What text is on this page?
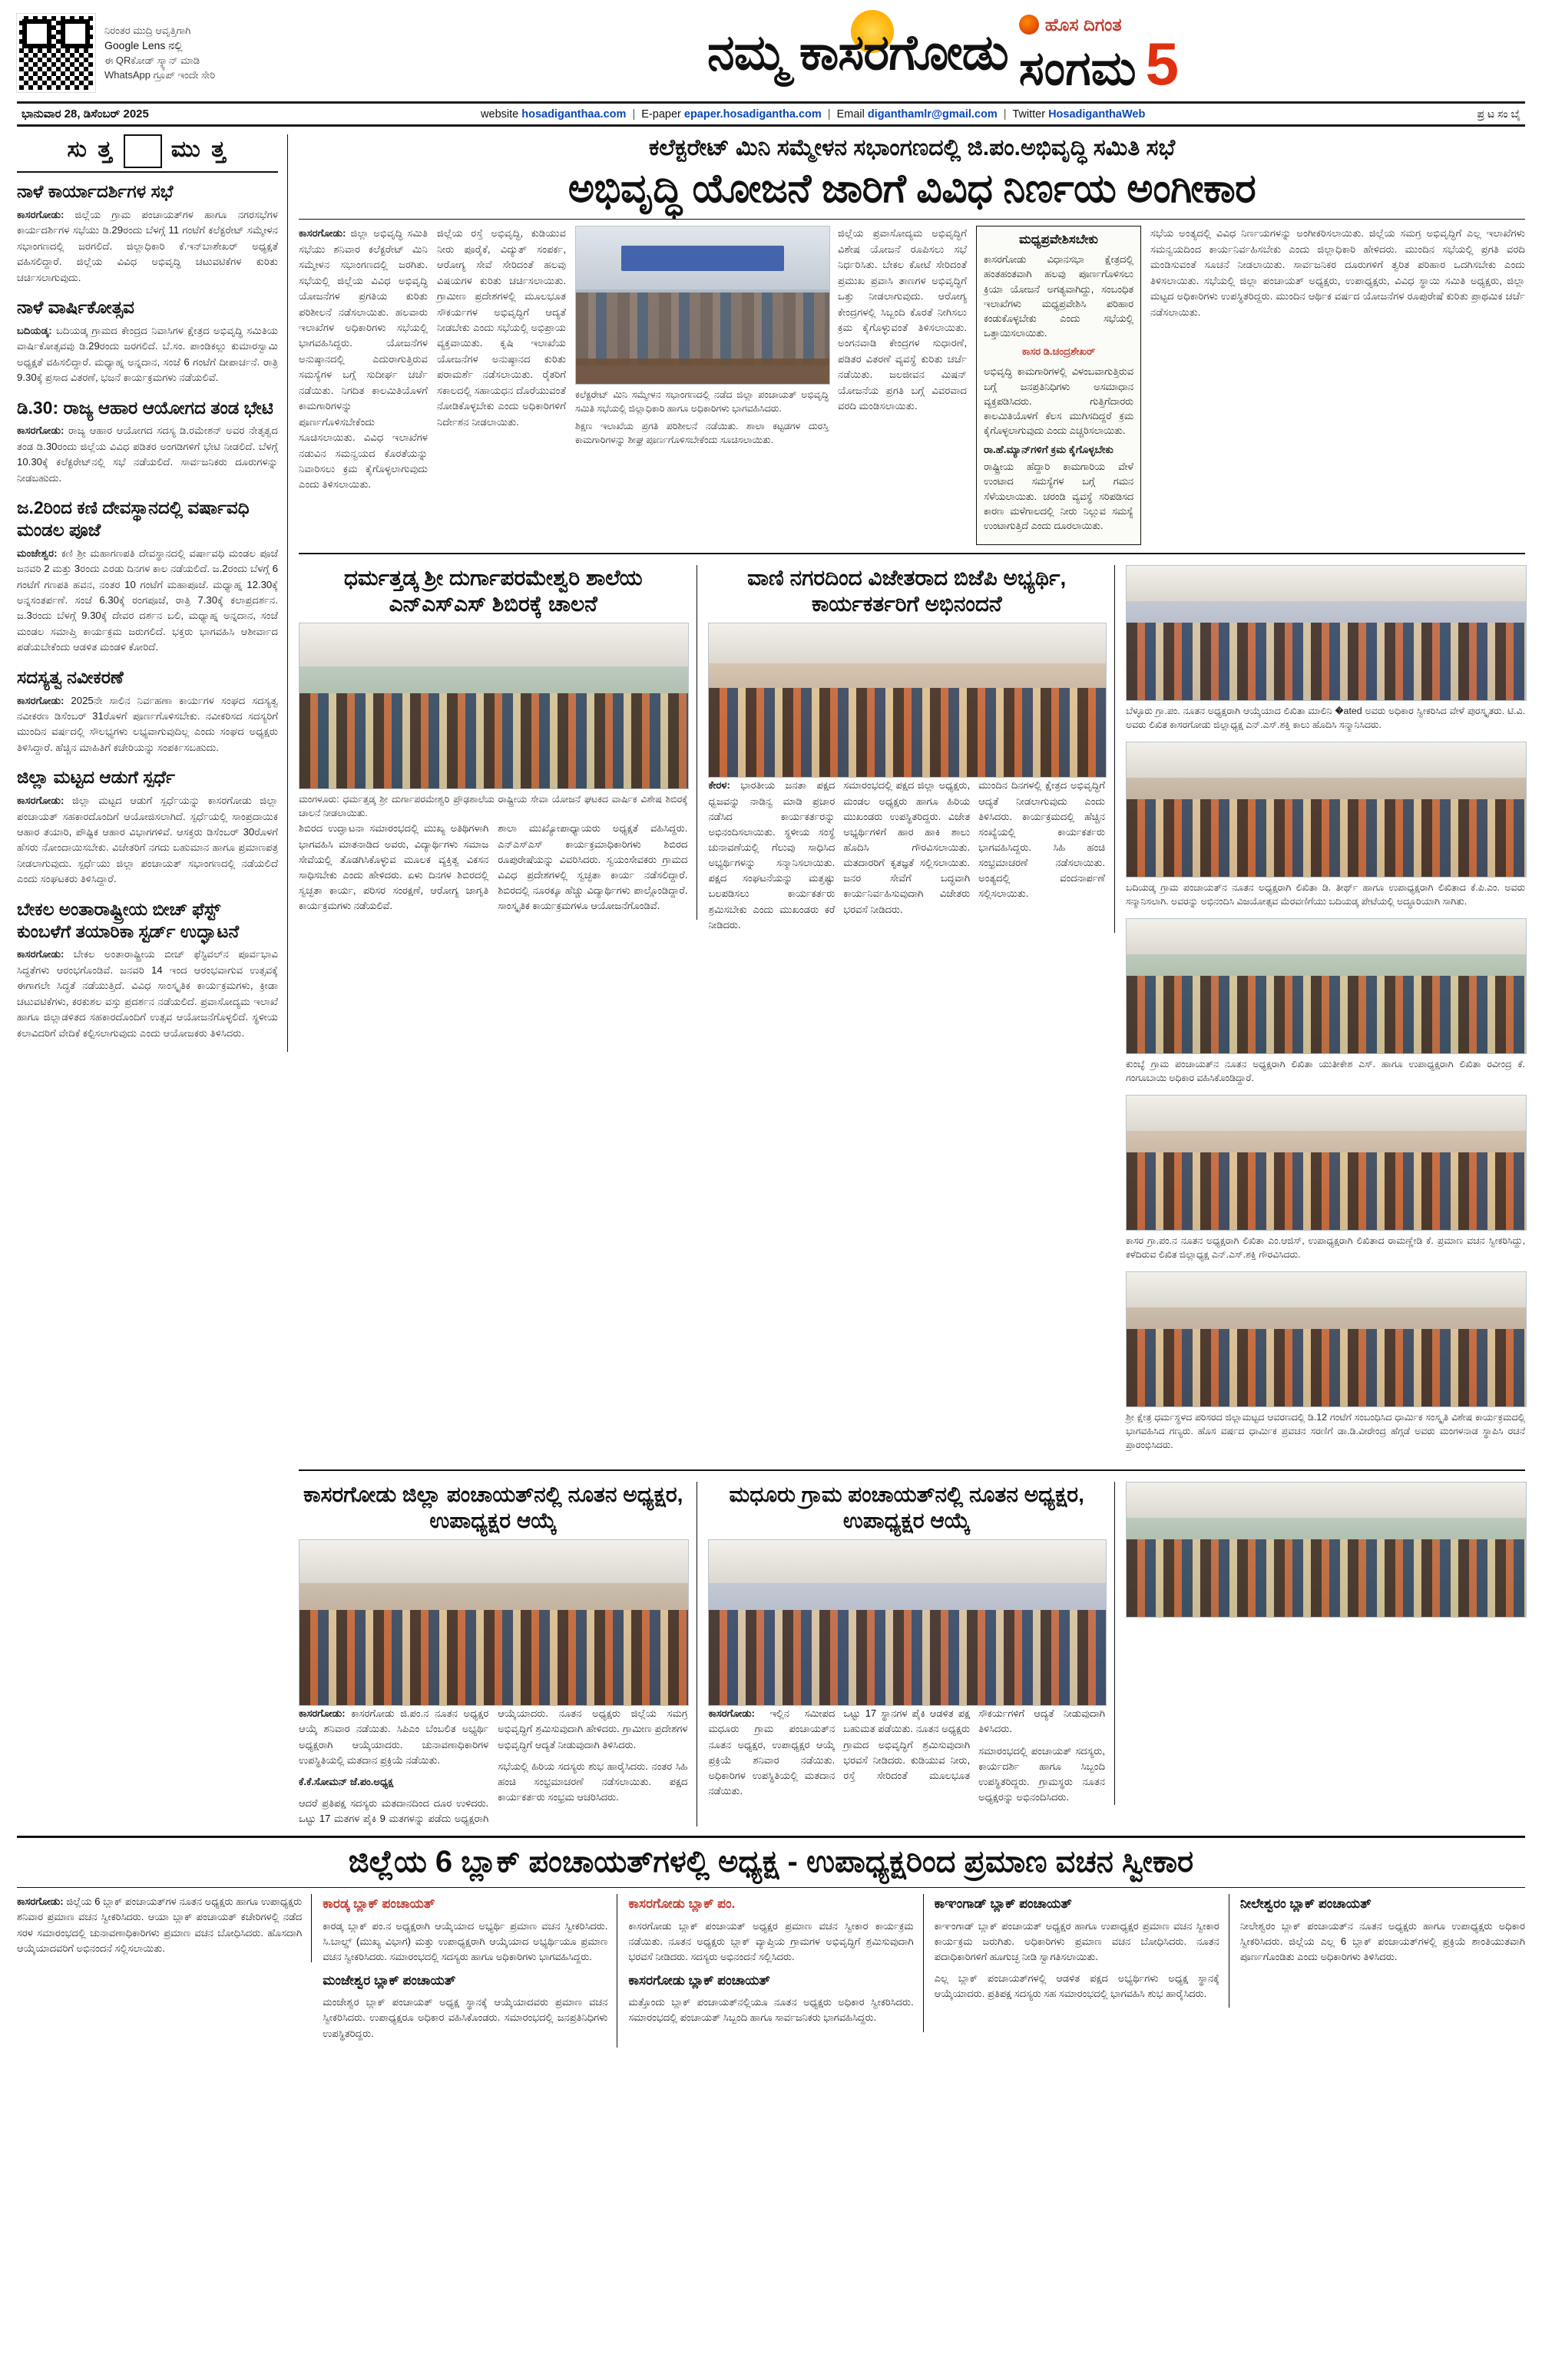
ನಿರಂತರ ಮುದ್ರಿ ಆವೃತ್ತಿಗಾಗಿ
Google Lens ನಲ್ಲಿ
ಈ QRಕೋಡ್ ಸ್ಕ್ಯಾನ್ ಮಾಡಿ
WhatsApp ಗ್ರೂಪ್ ಇಂದೇ ಸೇರಿ	ನಮ್ಮ ಕಾಸರಗೋಡು
ಹೊಸ ದಿಗಂತ
ಸಂಗಮ 5
ಭಾನುವಾರ 28, ಡಿಸೆಂಬರ್ 2025	website hosadiganthaa.com | E-paper epaper.hosadigantha.com | Email diganthamlr@gmail.com | Twitter HosadiganthaWeb	ಪ್ರ ಟ ಸಂ ಬೈ
ಸು ತ್ತ ಮು ತ್ತ
ನಾಳೆ ಕಾರ್ಯಾದರ್ಶಿಗಳ ಸಭೆ

ಕಾಸರಗೋಡು: ಜಿಲ್ಲೆಯ ಗ್ರಾಮ ಪಂಚಾಯತ್‌ಗಳ ಹಾಗೂ ನಗರಸಭೆಗಳ ಕಾರ್ಯದರ್ಶಿಗಳ ಸಭೆಯು ಡಿ.29ರಂದು ಬೆಳಗ್ಗೆ 11 ಗಂಟೆಗೆ ಕಲೆಕ್ಟರೇಟ್ ಸಮ್ಮೇಳನ ಸಭಾಂಗಣದಲ್ಲಿ ಜರಗಲಿದೆ. ಜಿಲ್ಲಾಧಿಕಾರಿ ಕೆ.ಇನ್‌ಬಾಶೇಖರ್ ಅಧ್ಯಕ್ಷತೆ ವಹಿಸಲಿದ್ದಾರೆ. ಜಿಲ್ಲೆಯ ವಿವಿಧ ಅಭಿವೃದ್ಧಿ ಚಟುವಟಿಕೆಗಳ ಕುರಿತು ಚರ್ಚಿಸಲಾಗುವುದು.

ನಾಳೆ ವಾರ್ಷಿಕೋತ್ಸವ

ಬದಿಯಡ್ಕ: ಬದಿಯಡ್ಕ ಗ್ರಾಮದ ಕೇಂದ್ರದ ನಿವಾಸಿಗಳ ಕ್ಷೇತ್ರದ ಅಭಿವೃದ್ಧಿ ಸಮಿತಿಯ ವಾರ್ಷಿಕೋತ್ಸವವು ಡಿ.29ರಂದು ಜರಗಲಿದೆ. ಬೆ.ಸಂ. ಪಾಂಡಿಕಲ್ಲು ಕುಮಾರಸ್ವಾಮಿ ಅಧ್ಯಕ್ಷತೆ ವಹಿಸಲಿದ್ದಾರೆ. ಮಧ್ಯಾಹ್ನ ಅನ್ನದಾನ, ಸಂಜೆ 6 ಗಂಟೆಗೆ ದೀಪಾರ್ಚನೆ. ರಾತ್ರಿ 9.30ಕ್ಕೆ ಪ್ರಸಾದ ವಿತರಣೆ, ಭಜನೆ ಕಾರ್ಯಕ್ರಮಗಳು ನಡೆಯಲಿವೆ.

ಡಿ.30: ರಾಜ್ಯ ಆಹಾರ ಆಯೋಗದ ತಂಡ ಭೇಟಿ

ಕಾಸರಗೋಡು: ರಾಜ್ಯ ಆಹಾರ ಆಯೋಗದ ಸದಸ್ಯ ಡಿ.ರಮೇಶನ್ ಅವರ ನೇತೃತ್ವದ ತಂಡ ಡಿ.30ರಂದು ಜಿಲ್ಲೆಯ ವಿವಿಧ ಪಡಿತರ ಅಂಗಡಿಗಳಿಗೆ ಭೇಟಿ ನೀಡಲಿದೆ. ಬೆಳಗ್ಗೆ 10.30ಕ್ಕೆ ಕಲೆಕ್ಟರೇಟ್‌ನಲ್ಲಿ ಸಭೆ ನಡೆಯಲಿದೆ. ಸಾರ್ವಜನಿಕರು ದೂರುಗಳನ್ನು ನೀಡಬಹುದು.

ಜ.2ರಿಂದ ಕಣಿ ದೇವಸ್ಥಾನದಲ್ಲಿ ವರ್ಷಾವಧಿ ಮಂಡಲ ಪೂಜೆ

ಮಂಜೇಶ್ವರ: ಕಣಿ ಶ್ರೀ ಮಹಾಗಣಪತಿ ದೇವಸ್ಥಾನದಲ್ಲಿ ವರ್ಷಾವಧಿ ಮಂಡಲ ಪೂಜೆ ಜನವರಿ 2 ಮತ್ತು 3ರಂದು ಎರಡು ದಿನಗಳ ಕಾಲ ನಡೆಯಲಿದೆ. ಜ.2ರಂದು ಬೆಳಗ್ಗೆ 6 ಗಂಟೆಗೆ ಗಣಪತಿ ಹವನ, ನಂತರ 10 ಗಂಟೆಗೆ ಮಹಾಪೂಜೆ. ಮಧ್ಯಾಹ್ನ 12.30ಕ್ಕೆ ಅನ್ನಸಂತರ್ಪಣೆ. ಸಂಜೆ 6.30ಕ್ಕೆ ರಂಗಪೂಜೆ, ರಾತ್ರಿ 7.30ಕ್ಕೆ ಕಲಾಪ್ರದರ್ಶನ. ಜ.3ರಂದು ಬೆಳಗ್ಗೆ 9.30ಕ್ಕೆ ದೇವರ ದರ್ಶನ ಬಲಿ, ಮಧ್ಯಾಹ್ನ ಅನ್ನದಾನ, ಸಂಜೆ ಮಂಡಲ ಸಮಾಪ್ತಿ ಕಾರ್ಯಕ್ರಮ ಜರುಗಲಿದೆ. ಭಕ್ತರು ಭಾಗವಹಿಸಿ ಆಶೀರ್ವಾದ ಪಡೆಯಬೇಕೆಂದು ಆಡಳಿತ ಮಂಡಳಿ ಕೋರಿದೆ.

ಸದಸ್ಯತ್ವ ನವೀಕರಣೆ

ಕಾಸರಗೋಡು: 2025ನೇ ಸಾಲಿನ ನಿರ್ವಹಣಾ ಕಾರ್ಯಗಳ ಸಂಘದ ಸದಸ್ಯತ್ವ ನವೀಕರಣ ಡಿಸೆಂಬರ್ 31ರೊಳಗೆ ಪೂರ್ಣಗೊಳಿಸಬೇಕು. ನವೀಕರಿಸದ ಸದಸ್ಯರಿಗೆ ಮುಂದಿನ ವರ್ಷದಲ್ಲಿ ಸೌಲಭ್ಯಗಳು ಲಭ್ಯವಾಗುವುದಿಲ್ಲ ಎಂದು ಸಂಘದ ಅಧ್ಯಕ್ಷರು ತಿಳಿಸಿದ್ದಾರೆ. ಹೆಚ್ಚಿನ ಮಾಹಿತಿಗೆ ಕಚೇರಿಯನ್ನು ಸಂಪರ್ಕಿಸಬಹುದು.

ಜಿಲ್ಲಾ ಮಟ್ಟದ ಆಡುಗೆ ಸ್ಪರ್ಧೆ

ಕಾಸರಗೋಡು: ಜಿಲ್ಲಾ ಮಟ್ಟದ ಆಡುಗೆ ಸ್ಪರ್ಧೆಯನ್ನು ಕಾಸರಗೋಡು ಜಿಲ್ಲಾ ಪಂಚಾಯತ್ ಸಹಕಾರದೊಂದಿಗೆ ಆಯೋಜಿಸಲಾಗಿದೆ. ಸ್ಪರ್ಧೆಯಲ್ಲಿ ಸಾಂಪ್ರದಾಯಿಕ ಆಹಾರ ತಯಾರಿ, ಪೌಷ್ಟಿಕ ಆಹಾರ ವಿಭಾಗಗಳಿವೆ. ಆಸಕ್ತರು ಡಿಸೆಂಬರ್ 30ರೊಳಗೆ ಹೆಸರು ನೋಂದಾಯಿಸಬೇಕು. ವಿಜೇತರಿಗೆ ನಗದು ಬಹುಮಾನ ಹಾಗೂ ಪ್ರಮಾಣಪತ್ರ ನೀಡಲಾಗುವುದು. ಸ್ಪರ್ಧೆಯು ಜಿಲ್ಲಾ ಪಂಚಾಯತ್ ಸಭಾಂಗಣದಲ್ಲಿ ನಡೆಯಲಿದೆ ಎಂದು ಸಂಘಟಕರು ತಿಳಿಸಿದ್ದಾರೆ.

ಬೇಕಲ ಅಂತಾರಾಷ್ಟ್ರೀಯ ಬೀಚ್ ಫೆಸ್ಟ್ ಕುಂಬಳೆಗೆ ತಯಾರಿಕಾ ಸ್ಟರ್ಡ್ ಉದ್ಘಾಟನೆ

ಕಾಸರಗೋಡು: ಬೇಕಲ ಅಂತಾರಾಷ್ಟ್ರೀಯ ಬೀಚ್ ಫೆಸ್ಟಿವಲ್‌ನ ಪೂರ್ವಭಾವಿ ಸಿದ್ಧತೆಗಳು ಆರಂಭಗೊಂಡಿವೆ. ಜನವರಿ 14 ಇಂದ ಆರಂಭವಾಗುವ ಉತ್ಸವಕ್ಕೆ ಈಗಾಗಲೇ ಸಿದ್ಧತೆ ನಡೆಯುತ್ತಿದೆ. ವಿವಿಧ ಸಾಂಸ್ಕೃತಿಕ ಕಾರ್ಯಕ್ರಮಗಳು, ಕ್ರೀಡಾ ಚಟುವಟಿಕೆಗಳು, ಕರಕುಶಲ ವಸ್ತು ಪ್ರದರ್ಶನ ನಡೆಯಲಿದೆ. ಪ್ರವಾಸೋದ್ಯಮ ಇಲಾಖೆ ಹಾಗೂ ಜಿಲ್ಲಾಡಳಿತದ ಸಹಕಾರದೊಂದಿಗೆ ಉತ್ಸವ ಆಯೋಜನೆಗೊಳ್ಳಲಿದೆ. ಸ್ಥಳೀಯ ಕಲಾವಿದರಿಗೆ ವೇದಿಕೆ ಕಲ್ಪಿಸಲಾಗುವುದು ಎಂದು ಆಯೋಜಕರು ತಿಳಿಸಿದರು.

ಕಲೆಕ್ಟರೇಟ್ ಮಿನಿ ಸಮ್ಮೇಳನ ಸಭಾಂಗಣದಲ್ಲಿ ಜಿ.ಪಂ.ಅಭಿವೃದ್ಧಿ ಸಮಿತಿ ಸಭೆ
ಅಭಿವೃದ್ಧಿ ಯೋಜನೆ ಜಾರಿಗೆ ವಿವಿಧ ನಿರ್ಣಯ ಅಂಗೀಕಾರ

ಕಾಸರಗೋಡು: ಜಿಲ್ಲಾ ಅಭಿವೃದ್ಧಿ ಸಮಿತಿ ಸಭೆಯು ಶನಿವಾರ ಕಲೆಕ್ಟರೇಟ್ ಮಿನಿ ಸಮ್ಮೇಳನ ಸಭಾಂಗಣದಲ್ಲಿ ಜರಗಿತು. ಸಭೆಯಲ್ಲಿ ಜಿಲ್ಲೆಯ ವಿವಿಧ ಅಭಿವೃದ್ಧಿ ಯೋಜನೆಗಳ ಪ್ರಗತಿಯ ಕುರಿತು ಪರಿಶೀಲನೆ ನಡೆಸಲಾಯಿತು. ಹಲವಾರು ಇಲಾಖೆಗಳ ಅಧಿಕಾರಿಗಳು ಸಭೆಯಲ್ಲಿ ಭಾಗವಹಿಸಿದ್ದರು. ಯೋಜನೆಗಳ ಅನುಷ್ಠಾನದಲ್ಲಿ ಎದುರಾಗುತ್ತಿರುವ ಸಮಸ್ಯೆಗಳ ಬಗ್ಗೆ ಸುದೀರ್ಘ ಚರ್ಚೆ ನಡೆಯಿತು. ನಿಗದಿತ ಕಾಲಮಿತಿಯೊಳಗೆ ಕಾಮಗಾರಿಗಳನ್ನು ಪೂರ್ಣಗೊಳಿಸಬೇಕೆಂದು ಸೂಚಿಸಲಾಯಿತು. ವಿವಿಧ ಇಲಾಖೆಗಳ ನಡುವಿನ ಸಮನ್ವಯದ ಕೊರತೆಯನ್ನು ನಿವಾರಿಸಲು ಕ್ರಮ ಕೈಗೊಳ್ಳಲಾಗುವುದು ಎಂದು ತಿಳಿಸಲಾಯಿತು.

ಜಿಲ್ಲೆಯ ರಸ್ತೆ ಅಭಿವೃದ್ಧಿ, ಕುಡಿಯುವ ನೀರು ಪೂರೈಕೆ, ವಿದ್ಯುತ್ ಸಂಪರ್ಕ, ಆರೋಗ್ಯ ಸೇವೆ ಸೇರಿದಂತೆ ಹಲವು ವಿಷಯಗಳ ಕುರಿತು ಚರ್ಚಿಸಲಾಯಿತು. ಗ್ರಾಮೀಣ ಪ್ರದೇಶಗಳಲ್ಲಿ ಮೂಲಭೂತ ಸೌಕರ್ಯಗಳ ಅಭಿವೃದ್ಧಿಗೆ ಆದ್ಯತೆ ನೀಡಬೇಕು ಎಂದು ಸಭೆಯಲ್ಲಿ ಅಭಿಪ್ರಾಯ ವ್ಯಕ್ತವಾಯಿತು. ಕೃಷಿ ಇಲಾಖೆಯ ಯೋಜನೆಗಳ ಅನುಷ್ಠಾನದ ಕುರಿತು ಪರಾಮರ್ಶೆ ನಡೆಸಲಾಯಿತು. ರೈತರಿಗೆ ಸಕಾಲದಲ್ಲಿ ಸಹಾಯಧನ ದೊರೆಯುವಂತೆ ನೋಡಿಕೊಳ್ಳಬೇಕು ಎಂದು ಅಧಿಕಾರಿಗಳಿಗೆ ನಿರ್ದೇಶನ ನೀಡಲಾಯಿತು.

ಕಲೆಕ್ಟರೇಟ್ ಮಿನಿ ಸಮ್ಮೇಳನ ಸಭಾಂಗಣದಲ್ಲಿ ನಡೆದ ಜಿಲ್ಲಾ ಪಂಚಾಯತ್ ಅಭಿವೃದ್ಧಿ ಸಮಿತಿ ಸಭೆಯಲ್ಲಿ ಜಿಲ್ಲಾಧಿಕಾರಿ ಹಾಗೂ ಅಧಿಕಾರಿಗಳು ಭಾಗವಹಿಸಿದರು.
ಶಿಕ್ಷಣ ಇಲಾಖೆಯ ಪ್ರಗತಿ ಪರಿಶೀಲನೆ ನಡೆಯಿತು. ಶಾಲಾ ಕಟ್ಟಡಗಳ ದುರಸ್ತಿ ಕಾಮಗಾರಿಗಳನ್ನು ಶೀಘ್ರ ಪೂರ್ಣಗೊಳಿಸಬೇಕೆಂದು ಸೂಚಿಸಲಾಯಿತು.

ಜಿಲ್ಲೆಯ ಪ್ರವಾಸೋದ್ಯಮ ಅಭಿವೃದ್ಧಿಗೆ ವಿಶೇಷ ಯೋಜನೆ ರೂಪಿಸಲು ಸಭೆ ನಿರ್ಧರಿಸಿತು. ಬೇಕಲ ಕೋಟೆ ಸೇರಿದಂತೆ ಪ್ರಮುಖ ಪ್ರವಾಸಿ ತಾಣಗಳ ಅಭಿವೃದ್ಧಿಗೆ ಒತ್ತು ನೀಡಲಾಗುವುದು. ಆರೋಗ್ಯ ಕೇಂದ್ರಗಳಲ್ಲಿ ಸಿಬ್ಬಂದಿ ಕೊರತೆ ನೀಗಿಸಲು ಕ್ರಮ ಕೈಗೊಳ್ಳುವಂತೆ ತಿಳಿಸಲಾಯಿತು. ಅಂಗನವಾಡಿ ಕೇಂದ್ರಗಳ ಸುಧಾರಣೆ, ಪಡಿತರ ವಿತರಣೆ ವ್ಯವಸ್ಥೆ ಕುರಿತು ಚರ್ಚೆ ನಡೆಯಿತು. ಜಲಜೀವನ ಮಿಷನ್ ಯೋಜನೆಯ ಪ್ರಗತಿ ಬಗ್ಗೆ ವಿವರವಾದ ವರದಿ ಮಂಡಿಸಲಾಯಿತು.

ಮಧ್ಯಪ್ರವೇಶಿಸಬೇಕು

ಕಾಸರಗೋಡು ವಿಧಾನಸಭಾ ಕ್ಷೇತ್ರದಲ್ಲಿ ಹಂತಹಂತವಾಗಿ ಹಲವು ಪೂರ್ಣಗೊಳಿಸಲು ಕ್ರಿಯಾ ಯೋಜನೆ ಅಗತ್ಯವಾಗಿದ್ದು, ಸಂಬಂಧಿತ ಇಲಾಖೆಗಳು ಮಧ್ಯಪ್ರವೇಶಿಸಿ ಪರಿಹಾರ ಕಂಡುಕೊಳ್ಳಬೇಕು ಎಂದು ಸಭೆಯಲ್ಲಿ ಒತ್ತಾಯಿಸಲಾಯಿತು.

ಕಾಸರ ಡಿ.ಚಂದ್ರಶೇಖರ್

ಅಭಿವೃದ್ಧಿ ಕಾಮಗಾರಿಗಳಲ್ಲಿ ವಿಳಂಬವಾಗುತ್ತಿರುವ ಬಗ್ಗೆ ಜನಪ್ರತಿನಿಧಿಗಳು ಅಸಮಾಧಾನ ವ್ಯಕ್ತಪಡಿಸಿದರು. ಗುತ್ತಿಗೆದಾರರು ಕಾಲಮಿತಿಯೊಳಗೆ ಕೆಲಸ ಮುಗಿಸದಿದ್ದರೆ ಕ್ರಮ ಕೈಗೊಳ್ಳಲಾಗುವುದು ಎಂದು ಎಚ್ಚರಿಸಲಾಯಿತು.

ರಾ.ಹೆ.ಮ್ಯಾನ್‌ಗಳಿಗೆ ಕ್ರಮ ಕೈಗೊಳ್ಳಬೇಕು

ರಾಷ್ಟ್ರೀಯ ಹೆದ್ದಾರಿ ಕಾಮಗಾರಿಯ ವೇಳೆ ಉಂಟಾದ ಸಮಸ್ಯೆಗಳ ಬಗ್ಗೆ ಗಮನ ಸೆಳೆಯಲಾಯಿತು. ಚರಂಡಿ ವ್ಯವಸ್ಥೆ ಸರಿಪಡಿಸದ ಕಾರಣ ಮಳೆಗಾಲದಲ್ಲಿ ನೀರು ನಿಲ್ಲುವ ಸಮಸ್ಯೆ ಉಂಟಾಗುತ್ತಿದೆ ಎಂದು ದೂರಲಾಯಿತು.

ಸಭೆಯ ಅಂತ್ಯದಲ್ಲಿ ವಿವಿಧ ನಿರ್ಣಯಗಳನ್ನು ಅಂಗೀಕರಿಸಲಾಯಿತು. ಜಿಲ್ಲೆಯ ಸಮಗ್ರ ಅಭಿವೃದ್ಧಿಗೆ ಎಲ್ಲ ಇಲಾಖೆಗಳು ಸಮನ್ವಯದಿಂದ ಕಾರ್ಯನಿರ್ವಹಿಸಬೇಕು ಎಂದು ಜಿಲ್ಲಾಧಿಕಾರಿ ಹೇಳಿದರು. ಮುಂದಿನ ಸಭೆಯಲ್ಲಿ ಪ್ರಗತಿ ವರದಿ ಮಂಡಿಸುವಂತೆ ಸೂಚನೆ ನೀಡಲಾಯಿತು. ಸಾರ್ವಜನಿಕರ ದೂರುಗಳಿಗೆ ತ್ವರಿತ ಪರಿಹಾರ ಒದಗಿಸಬೇಕು ಎಂದು ತಿಳಿಸಲಾಯಿತು. ಸಭೆಯಲ್ಲಿ ಜಿಲ್ಲಾ ಪಂಚಾಯತ್ ಅಧ್ಯಕ್ಷರು, ಉಪಾಧ್ಯಕ್ಷರು, ವಿವಿಧ ಸ್ಥಾಯಿ ಸಮಿತಿ ಅಧ್ಯಕ್ಷರು, ಜಿಲ್ಲಾ ಮಟ್ಟದ ಅಧಿಕಾರಿಗಳು ಉಪಸ್ಥಿತರಿದ್ದರು. ಮುಂದಿನ ಆರ್ಥಿಕ ವರ್ಷದ ಯೋಜನೆಗಳ ರೂಪುರೇಷೆ ಕುರಿತು ಪ್ರಾಥಮಿಕ ಚರ್ಚೆ ನಡೆಸಲಾಯಿತು.

ಧರ್ಮತ್ತಡ್ಕ ಶ್ರೀ ದುರ್ಗಾಪರಮೇಶ್ವರಿ ಶಾಲೆಯ ಎನ್‌ಎಸ್‌ಎಸ್ ಶಿಬಿರಕ್ಕೆ ಚಾಲನೆ
ಮಂಗಳೂರು: ಧರ್ಮತ್ತಡ್ಕ ಶ್ರೀ ದುರ್ಗಾಪರಮೇಶ್ವರಿ ಪ್ರೌಢಶಾಲೆಯ ರಾಷ್ಟ್ರೀಯ ಸೇವಾ ಯೋಜನೆ ಘಟಕದ ವಾರ್ಷಿಕ ವಿಶೇಷ ಶಿಬಿರಕ್ಕೆ ಚಾಲನೆ ನೀಡಲಾಯಿತು.

ಶಿಬಿರದ ಉದ್ಘಾಟನಾ ಸಮಾರಂಭದಲ್ಲಿ ಮುಖ್ಯ ಅತಿಥಿಗಳಾಗಿ ಭಾಗವಹಿಸಿ ಮಾತನಾಡಿದ ಅವರು, ವಿದ್ಯಾರ್ಥಿಗಳು ಸಮಾಜ ಸೇವೆಯಲ್ಲಿ ತೊಡಗಿಸಿಕೊಳ್ಳುವ ಮೂಲಕ ವ್ಯಕ್ತಿತ್ವ ವಿಕಸನ ಸಾಧಿಸಬೇಕು ಎಂದು ಹೇಳಿದರು. ಏಳು ದಿನಗಳ ಶಿಬಿರದಲ್ಲಿ ಸ್ವಚ್ಛತಾ ಕಾರ್ಯ, ಪರಿಸರ ಸಂರಕ್ಷಣೆ, ಆರೋಗ್ಯ ಜಾಗೃತಿ ಕಾರ್ಯಕ್ರಮಗಳು ನಡೆಯಲಿವೆ.

ಶಾಲಾ ಮುಖ್ಯೋಪಾಧ್ಯಾಯರು ಅಧ್ಯಕ್ಷತೆ ವಹಿಸಿದ್ದರು. ಎನ್‌ಎಸ್‌ಎಸ್ ಕಾರ್ಯಕ್ರಮಾಧಿಕಾರಿಗಳು ಶಿಬಿರದ ರೂಪುರೇಷೆಯನ್ನು ವಿವರಿಸಿದರು. ಸ್ವಯಂಸೇವಕರು ಗ್ರಾಮದ ವಿವಿಧ ಪ್ರದೇಶಗಳಲ್ಲಿ ಸ್ವಚ್ಛತಾ ಕಾರ್ಯ ನಡೆಸಲಿದ್ದಾರೆ. ಶಿಬಿರದಲ್ಲಿ ನೂರಕ್ಕೂ ಹೆಚ್ಚು ವಿದ್ಯಾರ್ಥಿಗಳು ಪಾಲ್ಗೊಂಡಿದ್ದಾರೆ. ಸಾಂಸ್ಕೃತಿಕ ಕಾರ್ಯಕ್ರಮಗಳೂ ಆಯೋಜನೆಗೊಂಡಿವೆ.

ವಾಣಿ ನಗರದಿಂದ ವಿಜೇತರಾದ ಬಿಜೆಪಿ ಅಭ್ಯರ್ಥಿ, ಕಾರ್ಯಕರ್ತರಿಗೆ ಅಭಿನಂದನೆ

ಕೇರಳ: ಭಾರತೀಯ ಜನತಾ ಪಕ್ಷದ ಧ್ವಜವನ್ನು ನಾಡಿನ್ವ ಮಾಡಿ ಪ್ರಚಾರ ನಡೆಸಿದ ಕಾರ್ಯಕರ್ತರನ್ನು ಅಭಿನಂದಿಸಲಾಯಿತು. ಸ್ಥಳೀಯ ಸಂಸ್ಥೆ ಚುನಾವಣೆಯಲ್ಲಿ ಗೆಲುವು ಸಾಧಿಸಿದ ಅಭ್ಯರ್ಥಿಗಳನ್ನು ಸನ್ಮಾನಿಸಲಾಯಿತು. ಪಕ್ಷದ ಸಂಘಟನೆಯನ್ನು ಮತ್ತಷ್ಟು ಬಲಪಡಿಸಲು ಕಾರ್ಯಕರ್ತರು ಶ್ರಮಿಸಬೇಕು ಎಂದು ಮುಖಂಡರು ಕರೆ ನೀಡಿದರು.

ಸಮಾರಂಭದಲ್ಲಿ ಪಕ್ಷದ ಜಿಲ್ಲಾ ಅಧ್ಯಕ್ಷರು, ಮಂಡಲ ಅಧ್ಯಕ್ಷರು ಹಾಗೂ ಹಿರಿಯ ಮುಖಂಡರು ಉಪಸ್ಥಿತರಿದ್ದರು. ವಿಜೇತ ಅಭ್ಯರ್ಥಿಗಳಿಗೆ ಹಾರ ಹಾಕಿ ಶಾಲು ಹೊದಿಸಿ ಗೌರವಿಸಲಾಯಿತು. ಮತದಾರರಿಗೆ ಕೃತಜ್ಞತೆ ಸಲ್ಲಿಸಲಾಯಿತು. ಜನರ ಸೇವೆಗೆ ಬದ್ಧವಾಗಿ ಕಾರ್ಯನಿರ್ವಹಿಸುವುದಾಗಿ ವಿಜೇತರು ಭರವಸೆ ನೀಡಿದರು.

ಮುಂದಿನ ದಿನಗಳಲ್ಲಿ ಕ್ಷೇತ್ರದ ಅಭಿವೃದ್ಧಿಗೆ ಆದ್ಯತೆ ನೀಡಲಾಗುವುದು ಎಂದು ತಿಳಿಸಿದರು. ಕಾರ್ಯಕ್ರಮದಲ್ಲಿ ಹೆಚ್ಚಿನ ಸಂಖ್ಯೆಯಲ್ಲಿ ಕಾರ್ಯಕರ್ತರು ಭಾಗವಹಿಸಿದ್ದರು. ಸಿಹಿ ಹಂಚಿ ಸಂಭ್ರಮಾಚರಣೆ ನಡೆಸಲಾಯಿತು. ಅಂತ್ಯದಲ್ಲಿ ವಂದನಾರ್ಪಣೆ ಸಲ್ಲಿಸಲಾಯಿತು.

ಬೆಳ್ಳೂರು ಗ್ರಾ.ಪಂ. ನೂತನ ಅಧ್ಯಕ್ಷರಾಗಿ ಆಯ್ಕೆಯಾದ ಲಿಖಿತಾ ಮಾಲಿನಿ �ated ಅವರು ಅಧಿಕಾರ ಸ್ವೀಕರಿಸಿದ ವೇಳೆ ಪುರಸ್ಕೃತರು. ಟಿ.ವಿ. ಅವರು ಲಿಖಿತ ಕಾಸರಗೋಡು ಜಿಲ್ಲಾಧ್ಯಕ್ಷ ಎನ್.ಎಸ್.ಶಕ್ತಿ ಕಾಲು ಹೊದಿಸಿ ಸನ್ಮಾನಿಸಿದರು.
ಬದಿಯಡ್ಕ ಗ್ರಾಮ ಪಂಚಾಯತ್‌ನ ನೂತನ ಅಧ್ಯಕ್ಷರಾಗಿ ಲಿಖಿತಾ ಡಿ. ತೀರ್ಥ್ ಹಾಗೂ ಉಪಾಧ್ಯಕ್ಷರಾಗಿ ಲಿಖಿತಾದ ಕೆ.ಪಿ.ಎಂ. ಅವರು ಸನ್ಮಾನಿಸಲಾಗಿ. ಅವರನ್ನು ಅಭಿನಂದಿಸಿ ವಿಜಯೋತ್ಸವ ಮೆರವಣಿಗೆಯು ಬದಿಯಡ್ಕ ಪೇಟೆಯಲ್ಲಿ ಅದ್ಧೂರಿಯಾಗಿ ಸಾಗಿತು.
ಕುಂಬ್ಳೆ ಗ್ರಾಮ ಪಂಚಾಯತ್‌ನ ನೂತನ ಅಧ್ಯಕ್ಷರಾಗಿ ಲಿಖಿತಾ ಯುತೀಕೇಶ ಎಸ್. ಹಾಗೂ ಉಪಾಧ್ಯಕ್ಷರಾಗಿ ಲಿಖಿತಾ ರವೀಂದ್ರ ಕೆ. ಗಂಗೂಬಾಯಿ ಅಧಿಕಾರ ವಹಿಸಿಕೊಂಡಿದ್ದಾರೆ.
ಕಾಸರ ಗ್ರಾ.ಪಂ.ನ ನೂತನ ಅಧ್ಯಕ್ಷರಾಗಿ ಲಿಖಿತಾ ಎಂ.ಆಜಿಸ್, ಉಪಾಧ್ಯಕ್ಷರಾಗಿ ಲಿಖಿತಾದ ರಾಮಣ್ಣೇಡಿ ಕೆ. ಪ್ರಮಾಣ ವಚನ ಸ್ವೀಕರಿಸಿದ್ದು, ಕಳೆದಿರುವ ಲಿಖಿತ ಜಿಲ್ಲಾಧ್ಯಕ್ಷ ಎನ್.ಎಸ್.ಶಕ್ತಿ ಗೌರವಿಸಿದರು.
ಶ್ರೀ ಕ್ಷೇತ್ರ ಧರ್ಮಸ್ಥಳದ ಪರಿಸರದ ಜಿಲ್ಲಾಮಟ್ಟದ ಆವರಣದಲ್ಲಿ ಡಿ.12 ಗಂಟೆಗೆ ಸಂಬಂಧಿಸಿದ ಧಾರ್ಮಿಕ ಸಂಸ್ಕೃತಿ ವಿಶೇಷ ಕಾರ್ಯಕ್ರಮದಲ್ಲಿ ಭಾಗವಹಿಸಿದ ಗಣ್ಯರು. ಹೊಸ ವರ್ಷದ ಧಾರ್ಮಿಕ ಪ್ರವಚನ ಸರಣಿಗೆ ಡಾ.ಡಿ.ವೀರೇಂದ್ರ ಹೆಗ್ಗಡೆ ಅವರು ಮಂಗಳನಾಡ ಸ್ಥಾಪಿಸಿ ರಚನೆ ಪ್ರಾರಂಭಿಸಿದರು.
ಕಾಸರಗೋಡು ಜಿಲ್ಲಾ ಪಂಚಾಯತ್‌ನಲ್ಲಿ ನೂತನ ಅಧ್ಯಕ್ಷರ, ಉಪಾಧ್ಯಕ್ಷರ ಆಯ್ಕೆ

ಕಾಸರಗೋಡು: ಕಾಸರಗೋಡು ಜಿ.ಪಂ.ನ ನೂತನ ಅಧ್ಯಕ್ಷರ ಆಯ್ಕೆ ಶನಿವಾರ ನಡೆಯಿತು. ಸಿಪಿಎಂ ಬೆಂಬಲಿತ ಅಭ್ಯರ್ಥಿ ಅಧ್ಯಕ್ಷರಾಗಿ ಆಯ್ಕೆಯಾದರು. ಚುನಾವಣಾಧಿಕಾರಿಗಳ ಉಪಸ್ಥಿತಿಯಲ್ಲಿ ಮತದಾನ ಪ್ರಕ್ರಿಯೆ ನಡೆಯಿತು.

ಕೆ.ಕೆ.ಸೋಮನ್ ಜೆ.ಪಂ.ಅಧ್ಯಕ್ಷ

ಆದರೆ ಪ್ರತಿಪಕ್ಷ ಸದಸ್ಯರು ಮತದಾನದಿಂದ ದೂರ ಉಳಿದರು. ಒಟ್ಟು 17 ಮತಗಳ ಪೈಕಿ 9 ಮತಗಳನ್ನು ಪಡೆದು ಅಧ್ಯಕ್ಷರಾಗಿ ಆಯ್ಕೆಯಾದರು. ನೂತನ ಅಧ್ಯಕ್ಷರು ಜಿಲ್ಲೆಯ ಸಮಗ್ರ ಅಭಿವೃದ್ಧಿಗೆ ಶ್ರಮಿಸುವುದಾಗಿ ಹೇಳಿದರು. ಗ್ರಾಮೀಣ ಪ್ರದೇಶಗಳ ಅಭಿವೃದ್ಧಿಗೆ ಆದ್ಯತೆ ನೀಡುವುದಾಗಿ ತಿಳಿಸಿದರು.

ಸಭೆಯಲ್ಲಿ ಹಿರಿಯ ಸದಸ್ಯರು ಶುಭ ಹಾರೈಸಿದರು. ನಂತರ ಸಿಹಿ ಹಂಚಿ ಸಂಭ್ರಮಾಚರಣೆ ನಡೆಸಲಾಯಿತು. ಪಕ್ಷದ ಕಾರ್ಯಕರ್ತರು ಸಂಭ್ರಮ ಆಚರಿಸಿದರು.

ಮಧೂರು ಗ್ರಾಮ ಪಂಚಾಯತ್‌ನಲ್ಲಿ ನೂತನ ಅಧ್ಯಕ್ಷರ, ಉಪಾಧ್ಯಕ್ಷರ ಆಯ್ಕೆ

ಕಾಸರಗೋಡು: ಇಲ್ಲಿನ ಸಮೀಪದ ಮಧೂರು ಗ್ರಾಮ ಪಂಚಾಯತ್‌ನ ನೂತನ ಅಧ್ಯಕ್ಷರ, ಉಪಾಧ್ಯಕ್ಷರ ಆಯ್ಕೆ ಪ್ರಕ್ರಿಯೆ ಶನಿವಾರ ನಡೆಯಿತು. ಅಧಿಕಾರಿಗಳ ಉಪಸ್ಥಿತಿಯಲ್ಲಿ ಮತದಾನ ನಡೆಯಿತು.

ಒಟ್ಟು 17 ಸ್ಥಾನಗಳ ಪೈಕಿ ಆಡಳಿತ ಪಕ್ಷ ಬಹುಮತ ಪಡೆಯಿತು. ನೂತನ ಅಧ್ಯಕ್ಷರು ಗ್ರಾಮದ ಅಭಿವೃದ್ಧಿಗೆ ಶ್ರಮಿಸುವುದಾಗಿ ಭರವಸೆ ನೀಡಿದರು. ಕುಡಿಯುವ ನೀರು, ರಸ್ತೆ ಸೇರಿದಂತೆ ಮೂಲಭೂತ ಸೌಕರ್ಯಗಳಿಗೆ ಆದ್ಯತೆ ನೀಡುವುದಾಗಿ ತಿಳಿಸಿದರು.

ಸಮಾರಂಭದಲ್ಲಿ ಪಂಚಾಯತ್ ಸದಸ್ಯರು, ಕಾರ್ಯದರ್ಶಿ ಹಾಗೂ ಸಿಬ್ಬಂದಿ ಉಪಸ್ಥಿತರಿದ್ದರು. ಗ್ರಾಮಸ್ಥರು ನೂತನ ಅಧ್ಯಕ್ಷರನ್ನು ಅಭಿನಂದಿಸಿದರು.

ಜಿಲ್ಲೆಯ 6 ಬ್ಲಾಕ್ ಪಂಚಾಯತ್‌ಗಳಲ್ಲಿ ಅಧ್ಯಕ್ಷ - ಉಪಾಧ್ಯಕ್ಷರಿಂದ ಪ್ರಮಾಣ ವಚನ ಸ್ವೀಕಾರ

ಕಾಸರಗೋಡು: ಜಿಲ್ಲೆಯ 6 ಬ್ಲಾಕ್ ಪಂಚಾಯತ್‌ಗಳ ನೂತನ ಅಧ್ಯಕ್ಷರು ಹಾಗೂ ಉಪಾಧ್ಯಕ್ಷರು ಶನಿವಾರ ಪ್ರಮಾಣ ವಚನ ಸ್ವೀಕರಿಸಿದರು. ಆಯಾ ಬ್ಲಾಕ್ ಪಂಚಾಯತ್ ಕಚೇರಿಗಳಲ್ಲಿ ನಡೆದ ಸರಳ ಸಮಾರಂಭದಲ್ಲಿ ಚುನಾವಣಾಧಿಕಾರಿಗಳು ಪ್ರಮಾಣ ವಚನ ಬೋಧಿಸಿದರು. ಹೊಸದಾಗಿ ಆಯ್ಕೆಯಾದವರಿಗೆ ಅಭಿನಂದನೆ ಸಲ್ಲಿಸಲಾಯಿತು.

ಕಾರಡ್ಕ ಬ್ಲಾಕ್ ಪಂಚಾಯತ್

ಕಾರಡ್ಕ ಬ್ಲಾಕ್ ಪಂ.ನ ಅಧ್ಯಕ್ಷರಾಗಿ ಆಯ್ಕೆಯಾದ ಅಭ್ಯರ್ಥಿ ಪ್ರಮಾಣ ವಚನ ಸ್ವೀಕರಿಸಿದರು. ಸಿ.ಬಾಲ್ಡ್ (ಮುಖ್ಯ ವಿಭಾಗ) ಮತ್ತು ಉಪಾಧ್ಯಕ್ಷರಾಗಿ ಆಯ್ಕೆಯಾದ ಅಭ್ಯರ್ಥಿಯೂ ಪ್ರಮಾಣ ವಚನ ಸ್ವೀಕರಿಸಿದರು. ಸಮಾರಂಭದಲ್ಲಿ ಸದಸ್ಯರು ಹಾಗೂ ಅಧಿಕಾರಿಗಳು ಭಾಗವಹಿಸಿದ್ದರು.

ಮಂಜೇಶ್ವರ ಬ್ಲಾಕ್ ಪಂಚಾಯತ್

ಮಂಜೇಶ್ವರ ಬ್ಲಾಕ್ ಪಂಚಾಯತ್ ಅಧ್ಯಕ್ಷ ಸ್ಥಾನಕ್ಕೆ ಆಯ್ಕೆಯಾದವರು ಪ್ರಮಾಣ ವಚನ ಸ್ವೀಕರಿಸಿದರು. ಉಪಾಧ್ಯಕ್ಷರೂ ಅಧಿಕಾರ ವಹಿಸಿಕೊಂಡರು. ಸಮಾರಂಭದಲ್ಲಿ ಜನಪ್ರತಿನಿಧಿಗಳು ಉಪಸ್ಥಿತರಿದ್ದರು.

ಕಾಸರಗೋಡು ಬ್ಲಾಕ್ ಪಂ.

ಕಾಸರಗೋಡು ಬ್ಲಾಕ್ ಪಂಚಾಯತ್ ಅಧ್ಯಕ್ಷರ ಪ್ರಮಾಣ ವಚನ ಸ್ವೀಕಾರ ಕಾರ್ಯಕ್ರಮ ನಡೆಯಿತು. ನೂತನ ಅಧ್ಯಕ್ಷರು ಬ್ಲಾಕ್ ವ್ಯಾಪ್ತಿಯ ಗ್ರಾಮಗಳ ಅಭಿವೃದ್ಧಿಗೆ ಶ್ರಮಿಸುವುದಾಗಿ ಭರವಸೆ ನೀಡಿದರು. ಸದಸ್ಯರು ಅಭಿನಂದನೆ ಸಲ್ಲಿಸಿದರು.

ಕಾಸರಗೋಡು ಬ್ಲಾಕ್ ಪಂಚಾಯತ್

ಮತ್ತೊಂದು ಬ್ಲಾಕ್ ಪಂಚಾಯತ್‌ನಲ್ಲಿಯೂ ನೂತನ ಅಧ್ಯಕ್ಷರು ಅಧಿಕಾರ ಸ್ವೀಕರಿಸಿದರು. ಸಮಾರಂಭದಲ್ಲಿ ಪಂಚಾಯತ್ ಸಿಬ್ಬಂದಿ ಹಾಗೂ ಸಾರ್ವಜನಿಕರು ಭಾಗವಹಿಸಿದ್ದರು.

ಕಾಞಂಗಾಡ್ ಬ್ಲಾಕ್ ಪಂಚಾಯತ್

ಕಾಞಂಗಾಡ್ ಬ್ಲಾಕ್ ಪಂಚಾಯತ್ ಅಧ್ಯಕ್ಷರ ಹಾಗೂ ಉಪಾಧ್ಯಕ್ಷರ ಪ್ರಮಾಣ ವಚನ ಸ್ವೀಕಾರ ಕಾರ್ಯಕ್ರಮ ಜರುಗಿತು. ಅಧಿಕಾರಿಗಳು ಪ್ರಮಾಣ ವಚನ ಬೋಧಿಸಿದರು. ನೂತನ ಪದಾಧಿಕಾರಿಗಳಿಗೆ ಹೂಗುಚ್ಛ ನೀಡಿ ಸ್ವಾಗತಿಸಲಾಯಿತು.

ಎಲ್ಲ ಬ್ಲಾಕ್ ಪಂಚಾಯತ್‌ಗಳಲ್ಲಿ ಆಡಳಿತ ಪಕ್ಷದ ಅಭ್ಯರ್ಥಿಗಳು ಅಧ್ಯಕ್ಷ ಸ್ಥಾನಕ್ಕೆ ಆಯ್ಕೆಯಾದರು. ಪ್ರತಿಪಕ್ಷ ಸದಸ್ಯರು ಸಹ ಸಮಾರಂಭದಲ್ಲಿ ಭಾಗವಹಿಸಿ ಶುಭ ಹಾರೈಸಿದರು.

ನೀಲೇಶ್ವರಂ ಬ್ಲಾಕ್ ಪಂಚಾಯತ್

ನೀಲೇಶ್ವರಂ ಬ್ಲಾಕ್ ಪಂಚಾಯತ್‌ನ ನೂತನ ಅಧ್ಯಕ್ಷರು ಹಾಗೂ ಉಪಾಧ್ಯಕ್ಷರು ಅಧಿಕಾರ ಸ್ವೀಕರಿಸಿದರು. ಜಿಲ್ಲೆಯ ಎಲ್ಲ 6 ಬ್ಲಾಕ್ ಪಂಚಾಯತ್‌ಗಳಲ್ಲಿ ಪ್ರಕ್ರಿಯೆ ಶಾಂತಿಯುತವಾಗಿ ಪೂರ್ಣಗೊಂಡಿತು ಎಂದು ಅಧಿಕಾರಿಗಳು ತಿಳಿಸಿದರು.
